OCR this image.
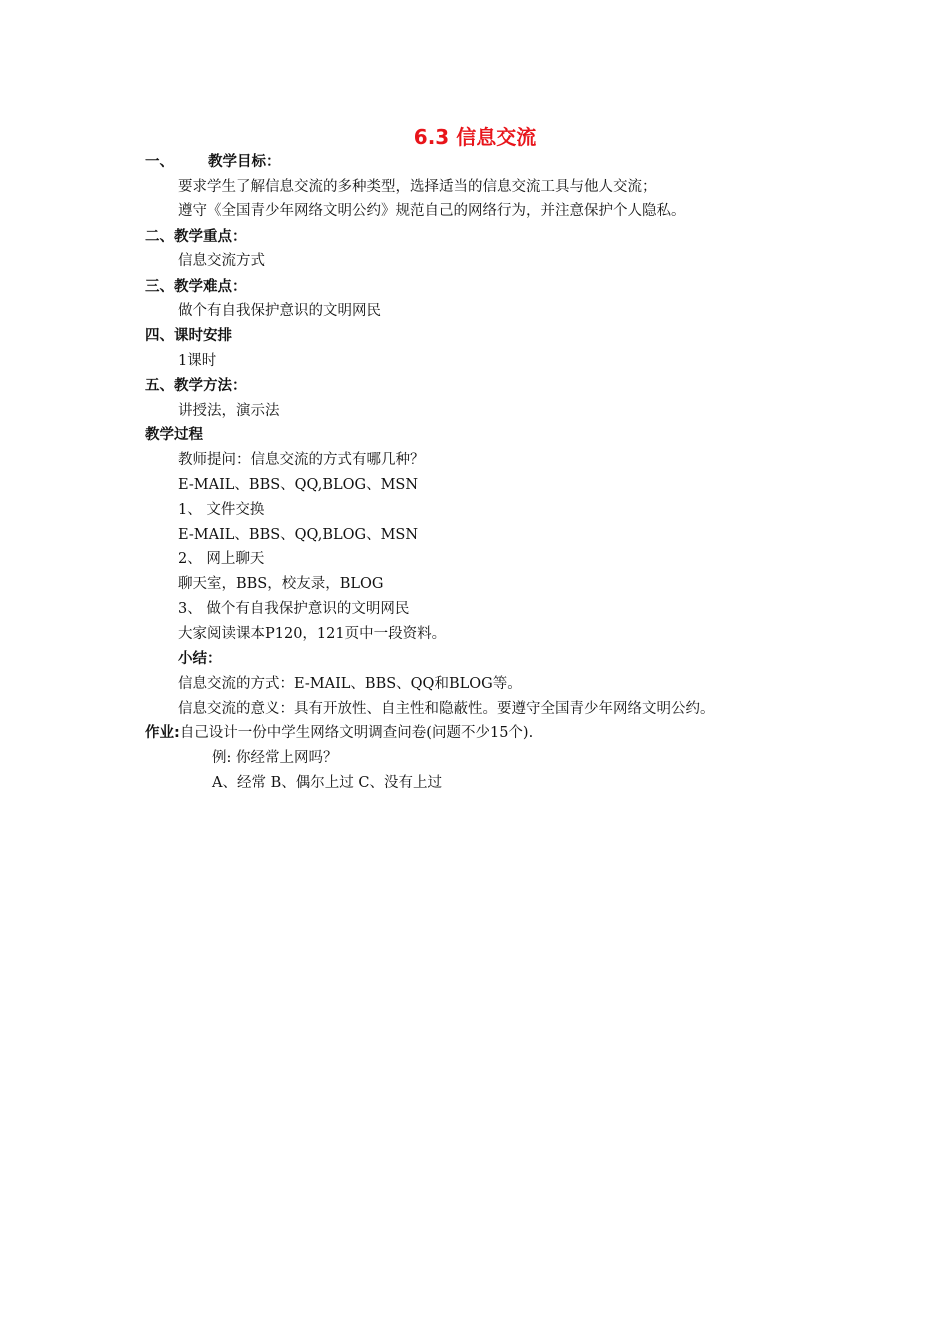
6.3 信息交流
一、 教学目标：
要求学生了解信息交流的多种类型，选择适当的信息交流工具与他人交流；
遵守《全国青少年网络文明公约》规范自己的网络行为，并注意保护个人隐私。
二、教学重点：
信息交流方式
三、教学难点：
做个有自我保护意识的文明网民
四、课时安排
1课时
五、教学方法：
讲授法，演示法
教学过程
教师提问：信息交流的方式有哪几种？
E-MAIL、BBS、QQ,BLOG、MSN
1、 文件交换
E-MAIL、BBS、QQ,BLOG、MSN
2、 网上聊天
聊天室，BBS，校友录，BLOG
3、 做个有自我保护意识的文明网民
大家阅读课本P120，121页中一段资料。
小结：
信息交流的方式：E-MAIL、BBS、QQ和BLOG等。
信息交流的意义：具有开放性、自主性和隐蔽性。要遵守全国青少年网络文明公约。
作业:自己设计一份中学生网络文明调查问卷(问题不少15个).
例: 你经常上网吗？
A、经常 B、偶尔上过 C、没有上过
